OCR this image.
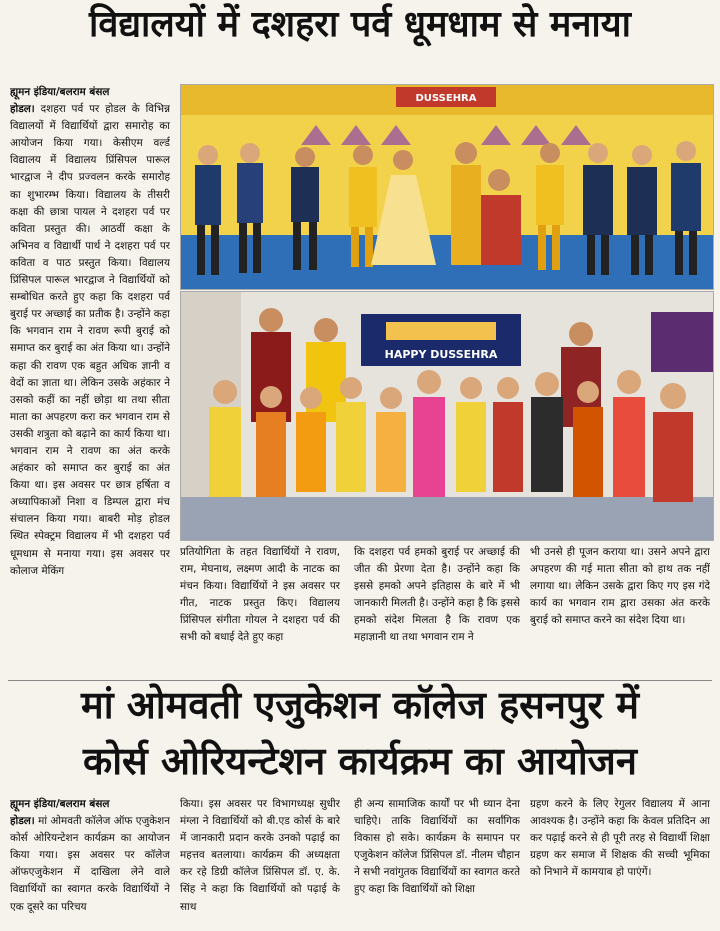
विद्यालयों में दशहरा पर्व धूमधाम से मनाया
ह्यूमन इंडिया/बलराम बंसल
होडल। दशहरा पर्व पर होडल के विभिन्न विद्यालयों में विद्यार्थियों द्वारा समारोह का आयोजन किया गया। केसीएम वर्ल्ड विद्यालय में विद्यालय प्रिंसिपल पारूल भारद्वाज ने दीप प्रज्वलन करके समारोह का शुभारम्भ किया। विद्यालय के तीसरी कक्षा की छात्रा पायल ने दशहरा पर्व पर कविता प्रस्तुत की। आठवीं कक्षा के अभिनव व विद्यार्थी पार्थ ने दशहरा पर्व पर कविता व पाठ प्रस्तुत किया। विद्यालय प्रिंसिपल पारूल भारद्वाज ने विद्यार्थियों को सम्बोधित करते हुए कहा कि दशहरा पर्व बुराई पर अच्छाई का प्रतीक है। उन्होंने कहा कि भगवान राम ने रावण रूपी बुराई को समाप्त कर बुराई का अंत किया था। उन्होंने कहा की रावण एक बहुत अधिक ज्ञानी व वेदों का ज्ञाता था। लेकिन उसके अहंकार ने उसको कहीं का नहीं छोड़ा था तथा सीता माता का अपहरण करा कर भगवान राम से उसकी शत्रुता को बढ़ाने का कार्य किया था। भगवान राम ने रावण का अंत करके अहंकार को समाप्त कर बुराई का अंत किया था। इस अवसर पर छात्र हर्षिता व अध्यापिकाओं निशा व डिम्पल द्वारा मंच संचालन किया गया। बाबरी मोड़ होडल स्थित स्पेक्ट्रम विद्यालय में भी दशहरा पर्व धूमधाम से मनाया गया। इस अवसर पर कोलाज मेकिंग
DUSSEHRA
HAPPY DUSSEHRA
प्रतियोगिता के तहत विद्यार्थियों ने रावण, राम, मेघनाथ, लक्ष्मण आदी के नाटक का मंचन किया। विद्यार्थियों ने इस अवसर पर गीत, नाटक प्रस्तुत किए। विद्यालय प्रिंसिपल संगीता गोयल ने दशहरा पर्व की सभी को बधाई देते हुए कहा
कि दशहरा पर्व हमको बुराई पर अच्छाई की जीत की प्रेरणा देता है। उन्होंने कहा कि इससे हमको अपने इतिहास के बारे में भी जानकारी मिलती है। उन्होंने कहा है कि इससे हमको संदेश मिलता है कि रावण एक महाज्ञानी था तथा भगवान राम ने
भी उनसे ही पूजन कराया था। उसने अपने द्वारा अपहरण की गई माता सीता को हाथ तक नहीं लगाया था। लेकिन उसके द्वारा किए गए इस गंदे कार्य का भगवान राम द्वारा उसका अंत करके बुराई को समाप्त करने का संदेश दिया था।
मां ओमवती एजुकेशन कॉलेज हसनपुर में
कोर्स ओरियन्टेशन कार्यक्रम का आयोजन
ह्यूमन इंडिया/बलराम बंसल
होडल। मां ओमवती कॉलेज ऑफ एजुकेशन कोर्स ओरियन्टेशन कार्यक्रम का आयोजन किया गया। इस अवसर पर कॉलेज ऑफएजुकेशन में दाखिला लेने वाले विद्यार्थियों का स्वागत करके विद्यार्थियों ने एक दूसरे का परिचय
किया। इस अवसर पर विभागध्यक्ष सुधीर मंग्ला ने विद्यार्थियों को बी.एड कोर्स के बारे में जानकारी प्रदान करके उनको पढ़ाई का महत्तव बतलाया। कार्यक्रम की अध्यक्षता कर रहे डिग्री कॉलेज प्रिंसिपल डॉ. ए. के. सिंह ने कहा कि विद्यार्थियों को पढ़ाई के साथ
ही अन्य सामाजिक कार्यों पर भी ध्यान देना चाहिऐ। ताकि विद्यार्थियों का सर्वांगिक विकास हो सके। कार्यक्रम के समापन पर एजुकेशन कॉलेज प्रिंसिपल डॉ. नीलम चौहान ने सभी नवांगुतक विद्यार्थियों का स्वागत करते हुए कहा कि विद्यार्थियों को शिक्षा
ग्रहण करने के लिए रेगुलर विद्यालय में आना आवश्यक है। उन्होंने कहा कि केवल प्रतिदिन आ कर पढ़ाई करने से ही पूरी तरह से विद्यार्थी शिक्षा ग्रहण कर समाज में शिक्षक की सच्ची भूमिका को निभाने में कामयाब हो पाएंगें।
